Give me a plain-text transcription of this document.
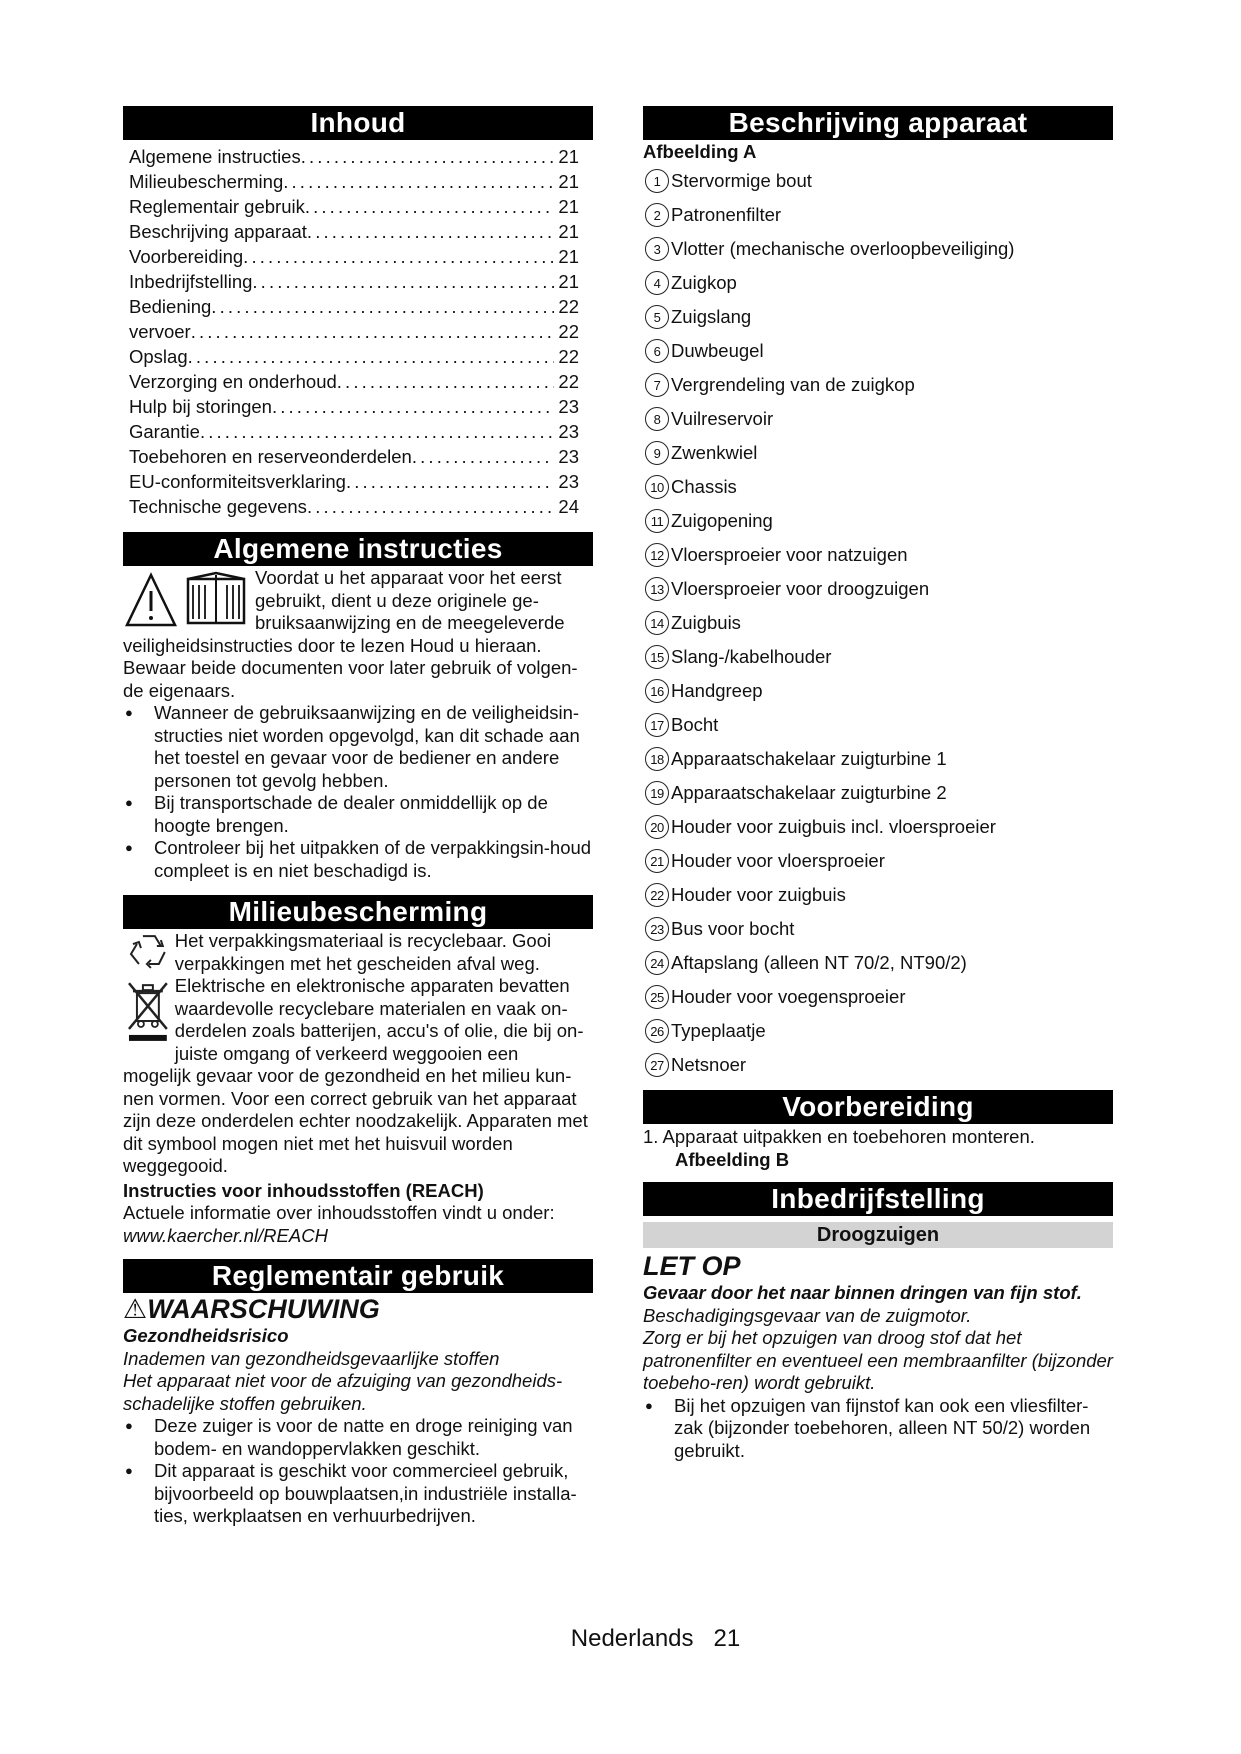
Inhoud
Algemene instructies . . .	21
Milieubescherming . . .	21
Reglementair gebruik . . .	21
Beschrijving apparaat . . .	21
Voorbereiding . . .	21
Inbedrijfstelling . . .	21
Bediening . . .	22
vervoer . . .	22
Opslag . . .	22
Verzorging en onderhoud . . .	22
Hulp bij storingen . . .	23
Garantie . . .	23
Toebehoren en reserveonderdelen . . .	23
EU-conformiteitsverklaring . . .	23
Technische gegevens . . .	24
Algemene instructies

Voordat u het apparaat voor het eerst

gebruikt, dient u deze originele ge-

bruiksaanwijzing en de meegeleverde

veiligheidsinstructies door te lezen Houd u hieraan. Bewaar beide documenten voor later gebruik of volgen-de eigenaars.

● Wanneer de gebruiksaanwijzing en de veiligheidsin-structies niet worden opgevolgd, kan dit schade aan het toestel en gevaar voor de bediener en andere personen tot gevolg hebben.
● Bij transportschade de dealer onmiddellijk op de hoogte brengen.
● Controleer bij het uitpakken of de verpakkingsin-houd compleet is en niet beschadigd is.
Milieubescherming

Het verpakkingsmateriaal is recyclebaar. Gooi verpakkingen met het gescheiden afval weg.

Elektrische en elektronische apparaten bevatten waardevolle recyclebare materialen en vaak on-derdelen zoals batterijen, accu's of olie, die bij on-juiste omgang of verkeerd weggooien een

mogelijk gevaar voor de gezondheid en het milieu kun-nen vormen. Voor een correct gebruik van het apparaat zijn deze onderdelen echter noodzakelijk. Apparaten met dit symbool mogen niet met het huisvuil worden weggegooid.

Instructies voor inhoudsstoffen (REACH)

Actuele informatie over inhoudsstoffen vindt u onder:

www.kaercher.nl/REACH

Reglementair gebruik
⚠WAARSCHUWING

Gezondheidsrisico

Inademen van gezondheidsgevaarlijke stoffen

Het apparaat niet voor de afzuiging van gezondheids-schadelijke stoffen gebruiken.

● Deze zuiger is voor de natte en droge reiniging van bodem- en wandoppervlakken geschikt.
● Dit apparaat is geschikt voor commercieel gebruik, bijvoorbeeld op bouwplaatsen,in industriële installa-ties, werkplaatsen en verhuurbedrijven.
Beschrijving apparaat

Afbeelding A

1 Stervormige bout
2 Patronenfilter
3 Vlotter (mechanische overloopbeveiliging)
4 Zuigkop
5 Zuigslang
6 Duwbeugel
7 Vergrendeling van de zuigkop
8 Vuilreservoir
9 Zwenkwiel
10 Chassis
11 Zuigopening
12 Vloersproeier voor natzuigen
13 Vloersproeier voor droogzuigen
14 Zuigbuis
15 Slang-/kabelhouder
16 Handgreep
17 Bocht
18 Apparaatschakelaar zuigturbine 1
19 Apparaatschakelaar zuigturbine 2
20 Houder voor zuigbuis incl. vloersproeier
21 Houder voor vloersproeier
22 Houder voor zuigbuis
23 Bus voor bocht
24 Aftapslang (alleen NT 70/2, NT90/2)
25 Houder voor voegensproeier
26 Typeplaatje
27 Netsnoer
Voorbereiding

1. Apparaat uitpakken en toebehoren monteren.

Afbeelding B

Inbedrijfstelling
Droogzuigen
LET OP

Gevaar door het naar binnen dringen van fijn stof.

Beschadigingsgevaar van de zuigmotor.

Zorg er bij het opzuigen van droog stof dat het patronenfilter en eventueel een membraanfilter (bijzonder toebeho-ren) wordt gebruikt.

● Bij het opzuigen van fijnstof kan ook een vliesfilter-zak (bijzonder toebehoren, alleen NT 50/2) worden gebruikt.
Nederlands 21
